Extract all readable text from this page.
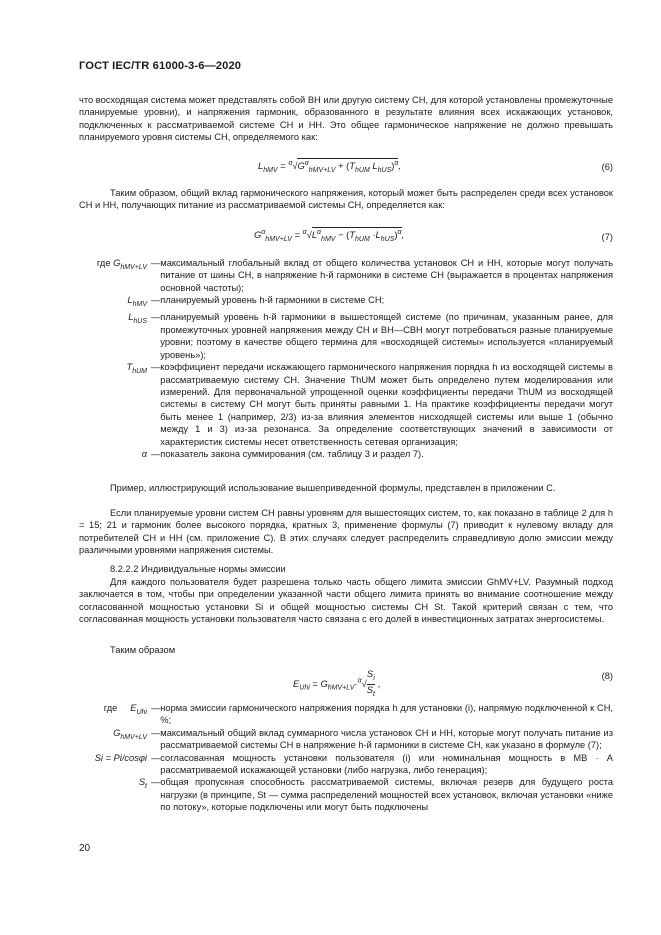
ГОСТ IEC/TR 61000-3-6—2020
что восходящая система может представлять собой ВН или другую систему СН, для которой установлены промежуточные планируемые уровни), и напряжения гармоник, образованного в результате влияния всех искажающих установок, подключенных к рассматриваемой системе СН и НН. Это общее гармоническое напряжение не должно превышать планируемого уровня системы СН, определяемого как:
$L_{hMV} = ^\alpha√G^\alpha_{hMV+LV} + (T_{hUM}$ $L_{hUS})^\alpha$,	(6)
Таким образом, общий вклад гармонического напряжения, который может быть распределен среди всех установок СН и НН, получающих питание из рассматриваемой системы СН, определяется как:
$G^\alpha_{hMV+LV} = ^\alpha√L^\alpha_{hMV} - (T_{hUM} \cdot L_{hUS})^\alpha$,	(7)
где $G_{hMV+LV}$ — максимальный глобальный вклад от общего количества установок СН и НН, которые могут получать питание от шины СН, в напряжение h-й гармоники в системе СН (выражается в процентах напряжения основной частоты);
$L_{hMV}$ — планируемый уровень h-й гармоники в системе СН;
$L_{hUS}$ — планируемый уровень h-й гармоники в вышестоящей системе (по причинам, указанным ранее, для промежуточных уровней напряжения между СН и ВН—СВН могут потребоваться разные планируемые уровни; поэтому в качестве общего термина для «восходящей системы» используется «планируемый уровень»);
$T_{hUM}$ — коэффициент передачи искажающего гармонического напряжения порядка h из восходящей системы в рассматриваемую систему СН. Значение ThUM может быть определено путем моделирования или измерений. Для первоначальной упрощенной оценки коэффициенты передачи ThUM из восходящей системы в систему СН могут быть приняты равными 1. На практике коэффициенты передачи могут быть менее 1 (например, 2/3) из-за влияния элементов нисходящей системы или выше 1 (обычно между 1 и 3) из-за резонанса. За определение соответствующих значений в зависимости от характеристик системы несет ответственность сетевая организация;
α — показатель закона суммирования (см. таблицу 3 и раздел 7).
Пример, иллюстрирующий использование вышеприведенной формулы, представлен в приложении С.
Если планируемые уровни систем СН равны уровням для вышестоящих систем, то, как показано в таблице 2 для h = 15; 21 и гармоник более высокого порядка, кратных 3, применение формулы (7) приводит к нулевому вкладу для потребителей СН и НН (см. приложение С). В этих случаях следует распределить справедливую долю эмиссии между различными уровнями напряжения системы.
8.2.2.2 Индивидуальные нормы эмиссии
Для каждого пользователя будет разрешена только часть общего лимита эмиссии GhMV+LV. Разумный подход заключается в том, чтобы при определении указанной части общего лимита принять во внимание соотношение между согласованной мощностью установки Si и общей мощностью системы СН St. Такой критерий связан с тем, что согласованная мощность установки пользователя часто связана с его долей в инвестиционных затратах энергосистемы.
Таким образом
$E_{Uhi} = G_{hMV+LV}\cdot^\alpha√ \frac{S_i}{S_t}$ ,
(8)
где $E_{Uhi}$ — норма эмиссии гармонического напряжения порядка h для установки (i), напрямую подключенной к СН, %;
$G_{hMV+LV}$ — максимальный общий вклад суммарного числа установок СН и НН, которые могут получать питание из рассматриваемой системы СН в напряжение h-й гармоники в системе СН, как указано в формуле (7);
Si = Pi/cosφi — согласованная мощность установки пользователя (i) или номинальная мощность в МВ · А рассматриваемой искажающей установки (либо нагрузка, либо генерация);
$S_t$ — общая пропускная способность рассматриваемой системы, включая резерв для будущего роста нагрузки (в принципе, St — сумма распределений мощностей всех установок, включая установки «ниже по потоку», которые подключены или могут быть подключены
20
